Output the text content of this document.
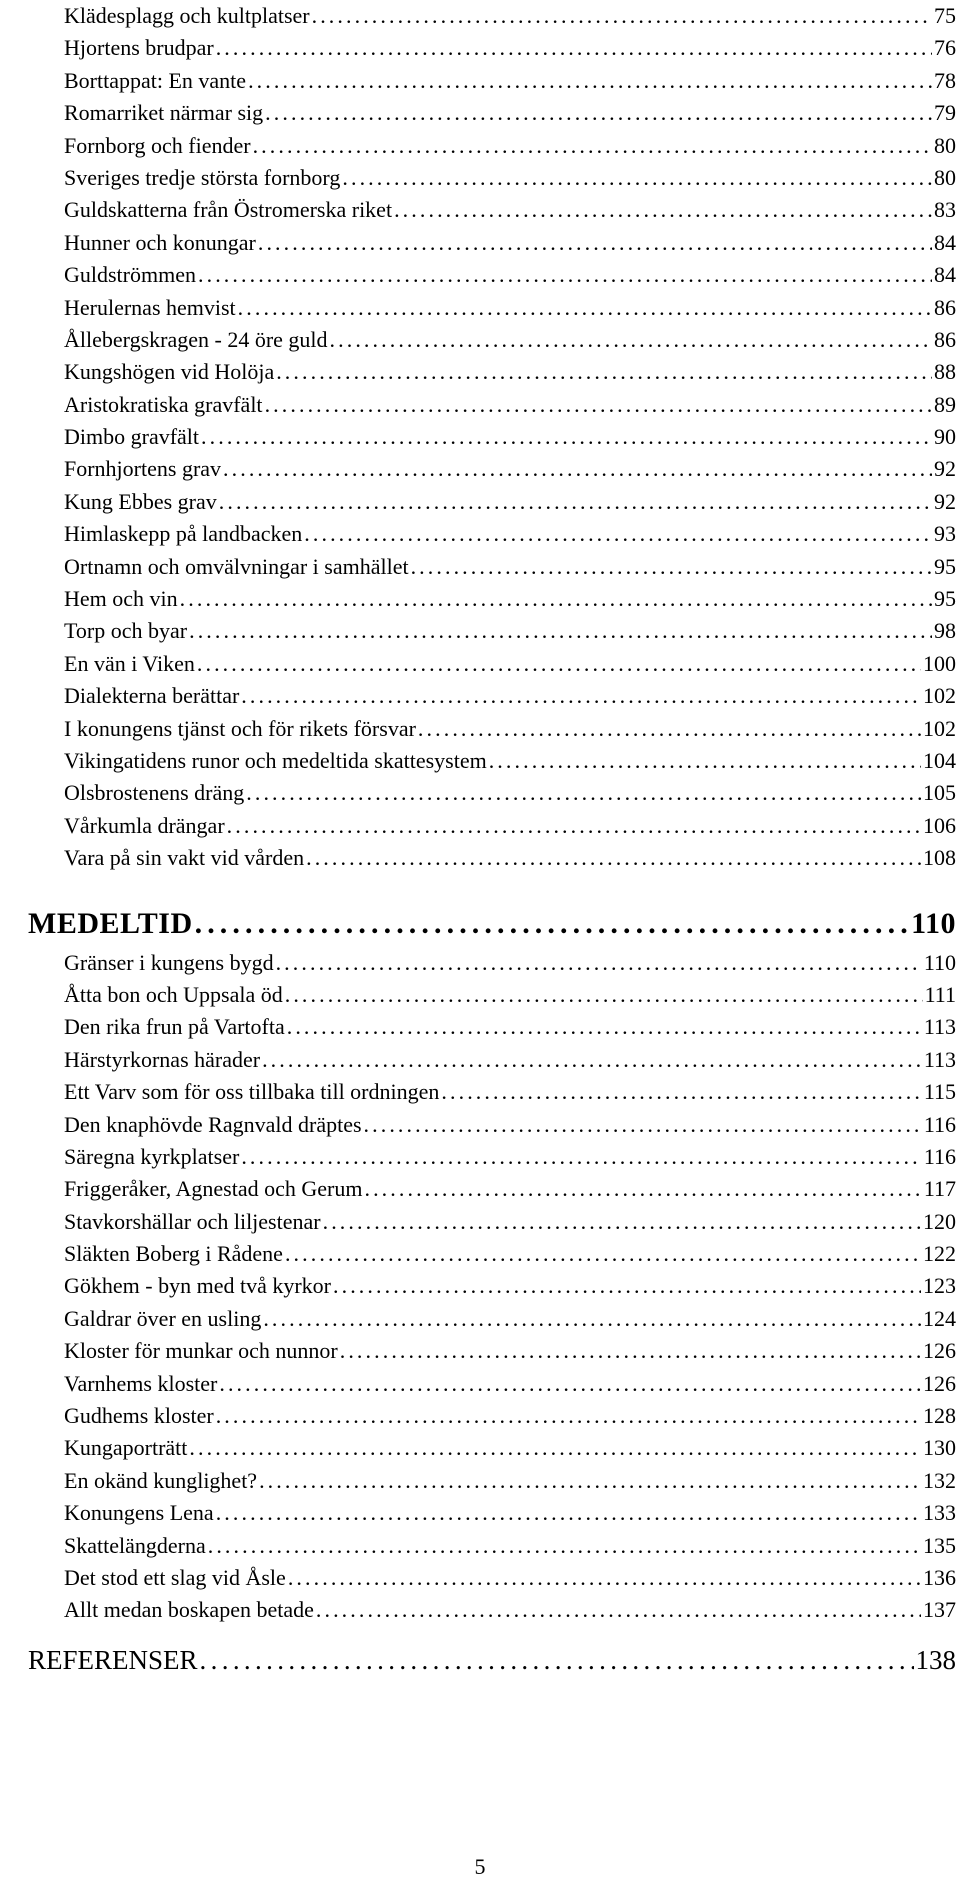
Klädesplagg och kultplatser . . .	75
Hjortens brudpar . . .	76
Borttappat: En vante . . .	78
Romarriket närmar sig . . .	79
Fornborg och fiender . . .	80
Sveriges tredje största fornborg . . .	80
Guldskatterna från Östromerska riket . . .	83
Hunner och konungar . . .	84
Guldströmmen . . .	84
Herulernas hemvist . . .	86
Ållebergskragen - 24 öre guld . . .	86
Kungshögen vid Holöja . . .	88
Aristokratiska gravfält . . .	89
Dimbo gravfält . . .	90
Fornhjortens grav . . .	92
Kung Ebbes grav . . .	92
Himlaskepp på landbacken . . .	93
Ortnamn och omvälvningar i samhället . . .	95
Hem och vin . . .	95
Torp och byar . . .	98
En vän i Viken . . .	100
Dialekterna berättar . . .	102
I konungens tjänst och för rikets försvar . . .	102
Vikingatidens runor och medeltida skattesystem . . .	104
Olsbrostenens dräng . . .	105
Vårkumla drängar . . .	106
Vara på sin vakt vid vården . . .	108
MEDELTID . . .	110
Gränser i kungens bygd . . .	110
Åtta bon och Uppsala öd . . .	111
Den rika frun på Vartofta . . .	113
Härstyrkornas härader . . .	113
Ett Varv som för oss tillbaka till ordningen . . .	115
Den knaphövde Ragnvald dräptes . . .	116
Säregna kyrkplatser . . .	116
Friggeråker, Agnestad och Gerum . . .	117
Stavkorshällar och liljestenar . . .	120
Släkten Boberg i Rådene . . .	122
Gökhem - byn med två kyrkor . . .	123
Galdrar över en usling . . .	124
Kloster för munkar och nunnor . . .	126
Varnhems kloster . . .	126
Gudhems kloster . . .	128
Kungaporträtt . . .	130
En okänd kunglighet? . . .	132
Konungens Lena . . .	133
Skattelängderna . . .	135
Det stod ett slag vid Åsle . . .	136
Allt medan boskapen betade . . .	137
REFERENSER . . .	138
5
